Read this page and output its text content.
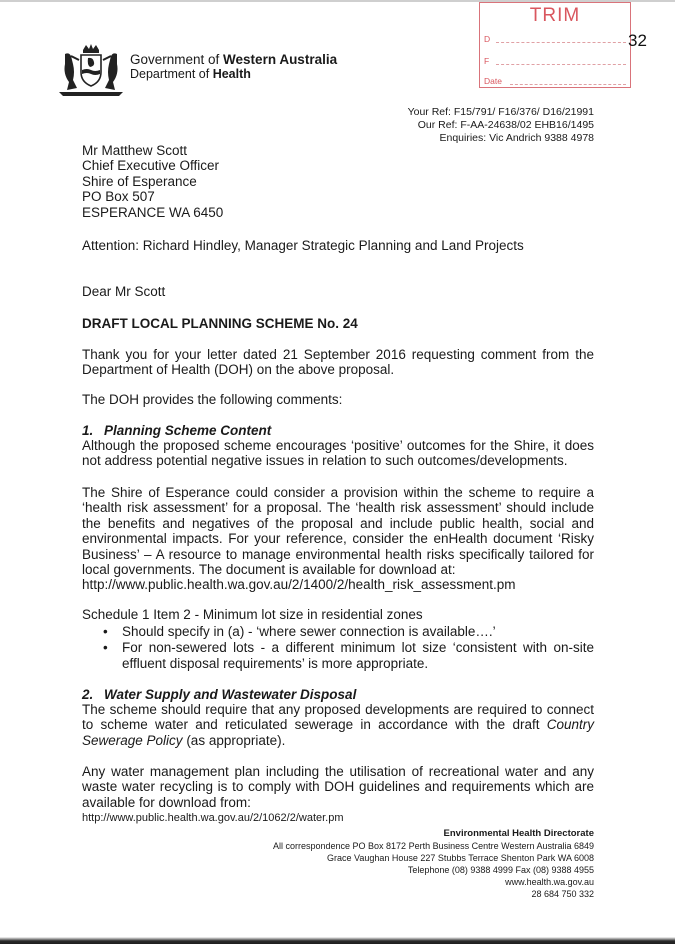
Government of Western Australia
Department of Health
TRIM
D
F
Date
32
Your Ref: F15/791/ F16/376/ D16/21991
Our Ref: F-AA-24638/02 EHB16/1495
Enquiries: Vic Andrich 9388 4978
Mr Matthew Scott
Chief Executive Officer
Shire of Esperance
PO Box 507
ESPERANCE WA 6450
Attention: Richard Hindley, Manager Strategic Planning and Land Projects
Dear Mr Scott
DRAFT LOCAL PLANNING SCHEME No. 24
Thank you for your letter dated 21 September 2016 requesting comment from the
Department of Health (DOH) on the above proposal.
The DOH provides the following comments:
1. Planning Scheme Content
Although the proposed scheme encourages ‘positive’ outcomes for the Shire, it does
not address potential negative issues in relation to such outcomes/developments.
The Shire of Esperance could consider a provision within the scheme to require a
‘health risk assessment’ for a proposal. The ‘health risk assessment’ should include
the benefits and negatives of the proposal and include public health, social and
environmental impacts. For your reference, consider the enHealth document ‘Risky
Business’ – A resource to manage environmental health risks specifically tailored for
local governments. The document is available for download at:
http://www.public.health.wa.gov.au/2/1400/2/health_risk_assessment.pm
Schedule 1 Item 2 - Minimum lot size in residential zones
• Should specify in (a) - ‘where sewer connection is available….’
• For non-sewered lots - a different minimum lot size ‘consistent with on-site
effluent disposal requirements’ is more appropriate.
2. Water Supply and Wastewater Disposal
The scheme should require that any proposed developments are required to connect
to scheme water and reticulated sewerage in accordance with the draft Country
Sewerage Policy (as appropriate).
Any water management plan including the utilisation of recreational water and any
waste water recycling is to comply with DOH guidelines and requirements which are
available for download from:
http://www.public.health.wa.gov.au/2/1062/2/water.pm
Environmental Health Directorate
All correspondence PO Box 8172 Perth Business Centre Western Australia 6849
Grace Vaughan House 227 Stubbs Terrace Shenton Park WA 6008
Telephone (08) 9388 4999 Fax (08) 9388 4955
www.health.wa.gov.au
28 684 750 332
